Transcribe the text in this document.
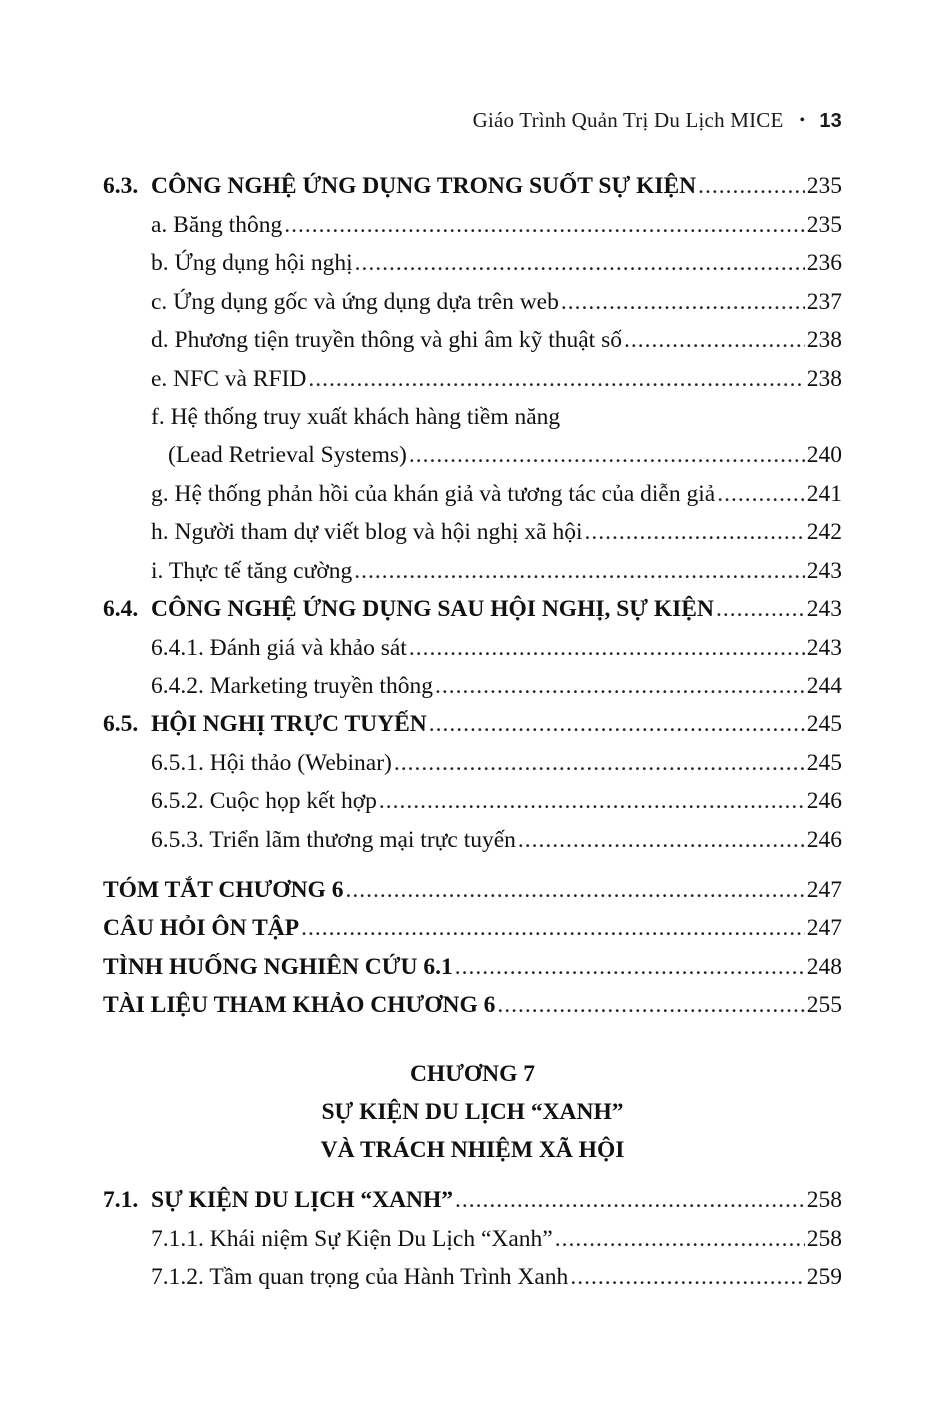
Giáo Trình Quản Trị Du Lịch MICE • 13
6.3. CÔNG NGHỆ ỨNG DỤNG TRONG SUỐT SỰ KIỆN .....	235
a. Băng thông .....	235
b. Ứng dụng hội nghị .....	236
c. Ứng dụng gốc và ứng dụng dựa trên web .....	237
d. Phương tiện truyền thông và ghi âm kỹ thuật số .....	238
e. NFC và RFID .....	238
f. Hệ thống truy xuất khách hàng tiềm năng
(Lead Retrieval Systems) .....	240
g. Hệ thống phản hồi của khán giả và tương tác của diễn giả .....	241
h. Người tham dự viết blog và hội nghị xã hội .....	242
i. Thực tế tăng cường .....	243
6.4. CÔNG NGHỆ ỨNG DỤNG SAU HỘI NGHỊ, SỰ KIỆN .....	243
6.4.1. Đánh giá và khảo sát .....	243
6.4.2. Marketing truyền thông .....	244
6.5. HỘI NGHỊ TRỰC TUYẾN .....	245
6.5.1. Hội thảo (Webinar) .....	245
6.5.2. Cuộc họp kết hợp .....	246
6.5.3. Triển lãm thương mại trực tuyến .....	246
TÓM TẮT CHƯƠNG 6 .....	247
CÂU HỎI ÔN TẬP .....	247
TÌNH HUỐNG NGHIÊN CỨU 6.1 .....	248
TÀI LIỆU THAM KHẢO CHƯƠNG 6 .....	255
CHƯƠNG 7
SỰ KIỆN DU LỊCH “XANH”
VÀ TRÁCH NHIỆM XÃ HỘI
7.1. SỰ KIỆN DU LỊCH “XANH” .....	258
7.1.1. Khái niệm Sự Kiện Du Lịch “Xanh” .....	258
7.1.2. Tầm quan trọng của Hành Trình Xanh .....	259
